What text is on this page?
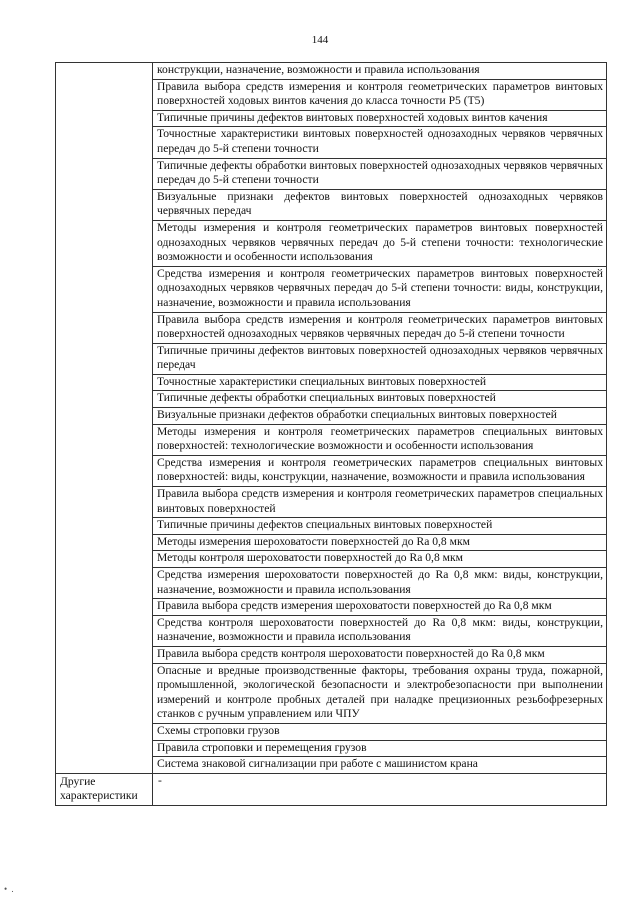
144
	конструкции, назначение, возможности и правила использования
	Правила выбора средств измерения и контроля геометрических параметров винтовых поверхностей ходовых винтов качения до класса точности Р5 (Т5)
	Типичные причины дефектов винтовых поверхностей ходовых винтов качения
	Точностные характеристики винтовых поверхностей однозаходных червяков червячных передач до 5-й степени точности
	Типичные дефекты обработки винтовых поверхностей однозаходных червяков червячных передач до 5-й степени точности
	Визуальные признаки дефектов винтовых поверхностей однозаходных червяков червячных передач
	Методы измерения и контроля геометрических параметров винтовых поверхностей однозаходных червяков червячных передач до 5-й степени точности: технологические возможности и особенности использования
	Средства измерения и контроля геометрических параметров винтовых поверхностей однозаходных червяков червячных передач до 5-й степени точности: виды, конструкции, назначение, возможности и правила использования
	Правила выбора средств измерения и контроля геометрических параметров винтовых поверхностей однозаходных червяков червячных передач до 5-й степени точности
	Типичные причины дефектов винтовых поверхностей однозаходных червяков червячных передач
	Точностные характеристики специальных винтовых поверхностей
	Типичные дефекты обработки специальных винтовых поверхностей
	Визуальные признаки дефектов обработки специальных винтовых поверхностей
	Методы измерения и контроля геометрических параметров специальных винтовых поверхностей: технологические возможности и особенности использования
	Средства измерения и контроля геометрических параметров специальных винтовых поверхностей: виды, конструкции, назначение, возможности и правила использования
	Правила выбора средств измерения и контроля геометрических параметров специальных винтовых поверхностей
	Типичные причины дефектов специальных винтовых поверхностей
	Методы измерения шероховатости поверхностей до Ra 0,8 мкм
	Методы контроля шероховатости поверхностей до Ra 0,8 мкм
	Средства измерения шероховатости поверхностей до Ra 0,8 мкм: виды, конструкции, назначение, возможности и правила использования
	Правила выбора средств измерения шероховатости поверхностей до Ra 0,8 мкм
	Средства контроля шероховатости поверхностей до Ra 0,8 мкм: виды, конструкции, назначение, возможности и правила использования
	Правила выбора средств контроля шероховатости поверхностей до Ra 0,8 мкм
	Опасные и вредные производственные факторы, требования охраны труда, пожарной, промышленной, экологической безопасности и электробезопасности при выполнении измерений и контроле пробных деталей при наладке прецизионных резьбофрезерных станков с ручным управлением или ЧПУ
	Схемы строповки грузов
	Правила строповки и перемещения грузов
	Система знаковой сигнализации при работе с машинистом крана
Другие характеристики	-
• .
